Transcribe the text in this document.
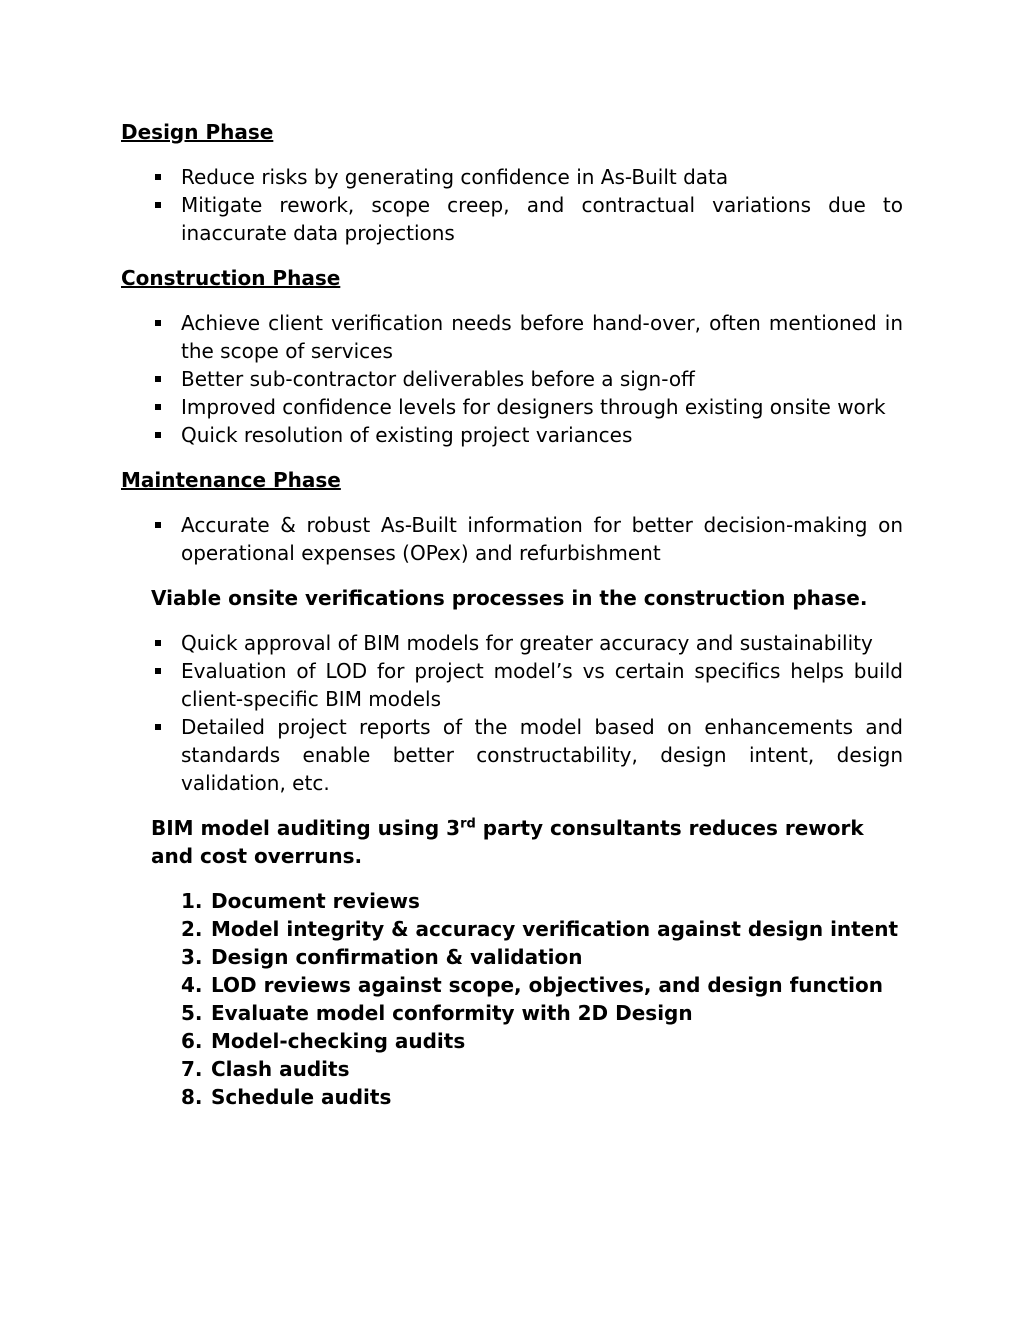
Design Phase
Reduce risks by generating confidence in As-Built data
Mitigate rework, scope creep, and contractual variations due to inaccurate data projections
Construction Phase
Achieve client verification needs before hand-over, often mentioned in the scope of services
Better sub-contractor deliverables before a sign-off
Improved confidence levels for designers through existing onsite work
Quick resolution of existing project variances
Maintenance Phase
Accurate & robust As-Built information for better decision-making on operational expenses (OPex) and refurbishment
Viable onsite verifications processes in the construction phase.
Quick approval of BIM models for greater accuracy and sustainability
Evaluation of LOD for project model’s vs certain specifics helps build client-specific BIM models
Detailed project reports of the model based on enhancements and standards enable better constructability, design intent, design validation, etc.
BIM model auditing using 3rd party consultants reduces rework and cost overruns.
1. Document reviews
2. Model integrity & accuracy verification against design intent
3. Design confirmation & validation
4. LOD reviews against scope, objectives, and design function
5. Evaluate model conformity with 2D Design
6. Model-checking audits
7. Clash audits
8. Schedule audits
